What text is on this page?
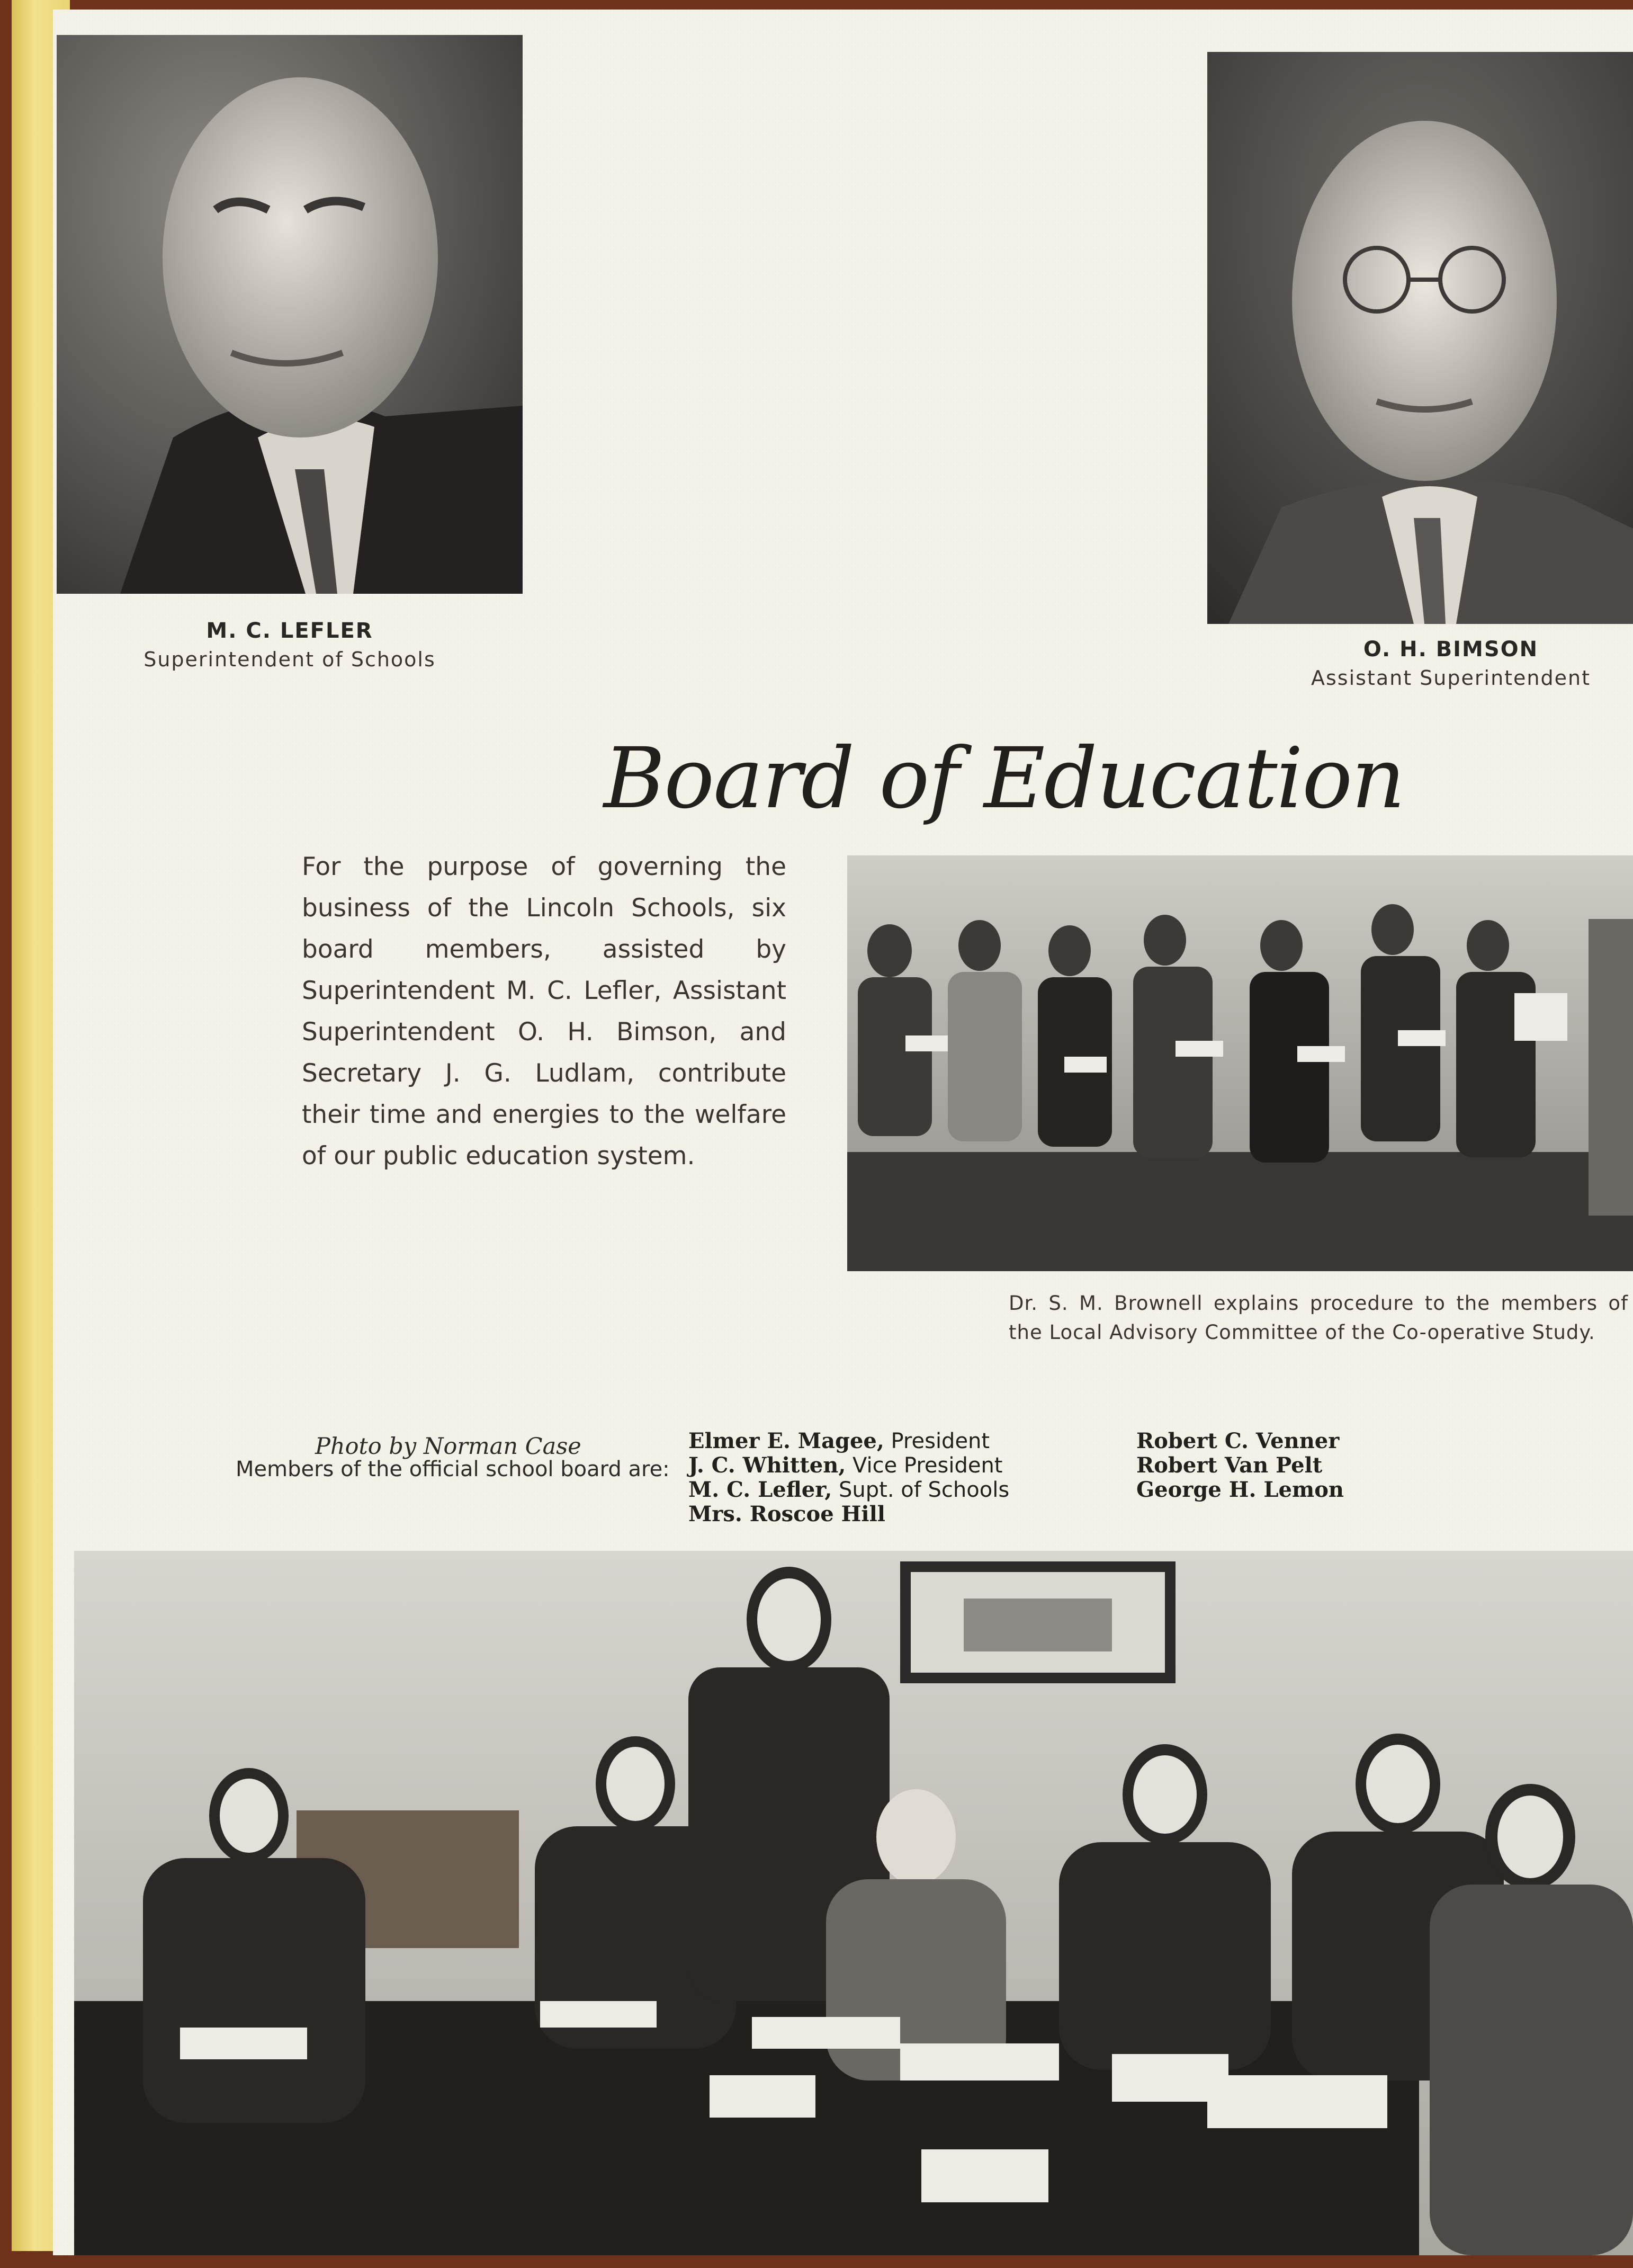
M. C. LEFLER
Superintendent of Schools	O. H. BIMSON
Assistant Superintendent
Board of Education
For the purpose of governing the business of the Lincoln Schools, six board members, assisted by Superintendent M. C. Lefler, Assistant Superintendent O. H. Bimson, and Secretary J. G. Ludlam, contribute their time and energies to the welfare of our public education system.
Dr. S. M. Brownell explains procedure to the members of the Local Advisory Committee of the Co-operative Study.
Photo by Norman Case
Members of the official school board are:
Elmer E. Magee, President
J. C. Whitten, Vice President
M. C. Lefler, Supt. of Schools
Mrs. Roscoe Hill
Robert C. Venner
Robert Van Pelt
George H. Lemon
